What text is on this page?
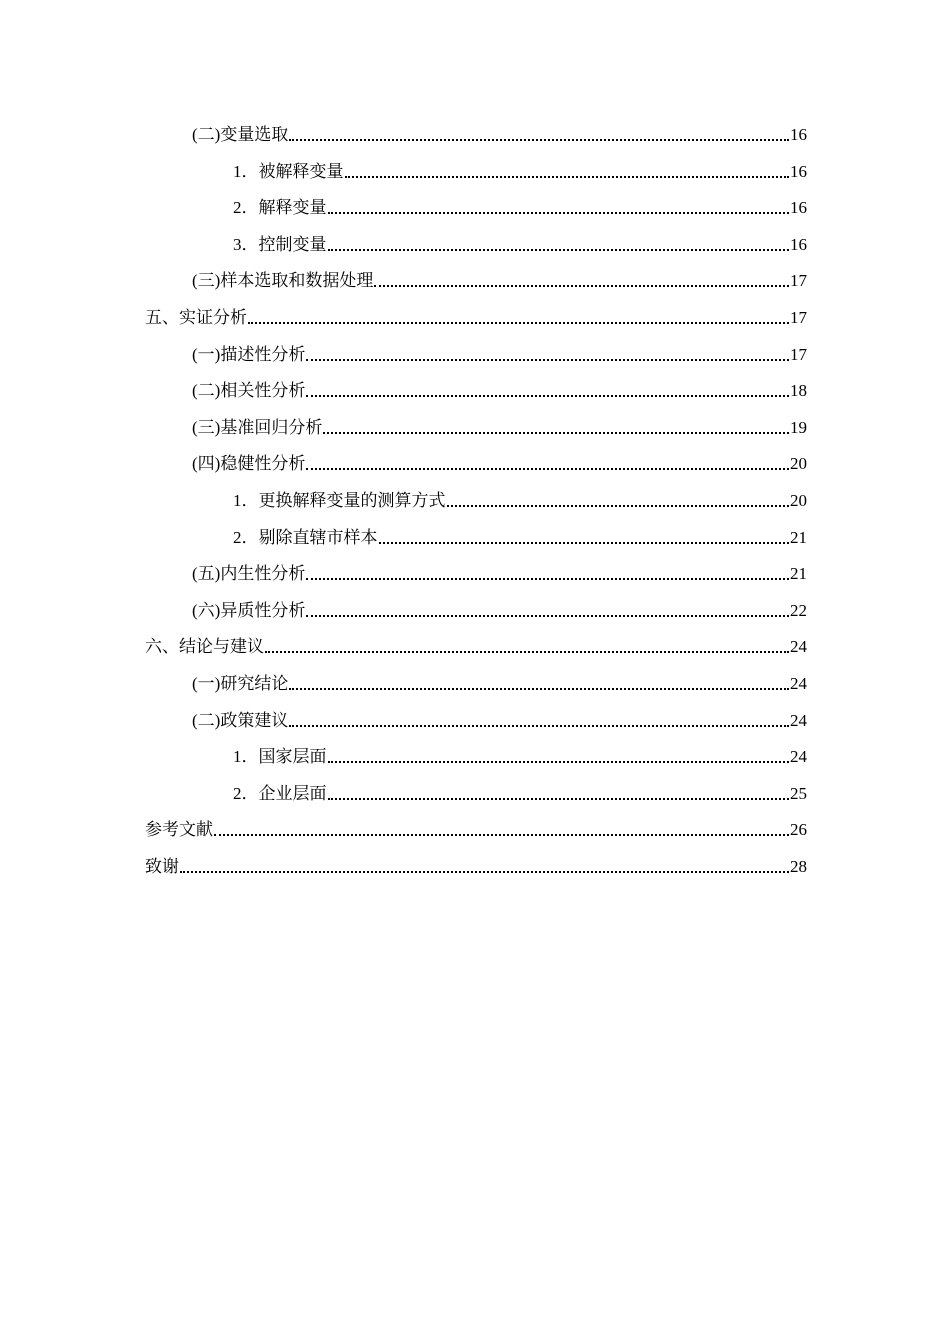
(二)变量选取	16
1．被解释变量	16
2．解释变量	16
3．控制变量	16
(三)样本选取和数据处理	17
五、实证分析	17
(一)描述性分析	17
(二)相关性分析	18
(三)基准回归分析	19
(四)稳健性分析	20
1．更换解释变量的测算方式	20
2．剔除直辖市样本	21
(五)内生性分析	21
(六)异质性分析	22
六、结论与建议	24
(一)研究结论	24
(二)政策建议	24
1．国家层面	24
2．企业层面	25
参考文献	26
致谢	28
